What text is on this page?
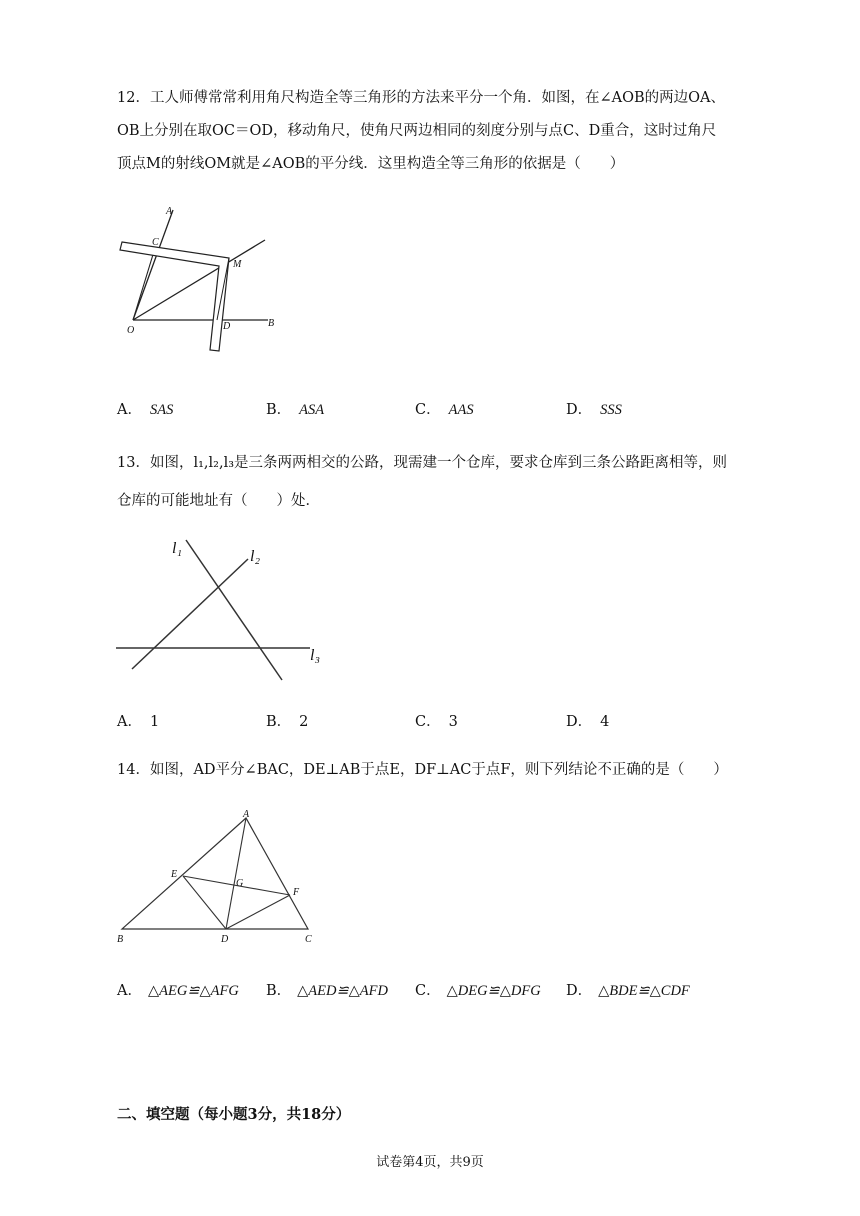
12．工人师傅常常利用角尺构造全等三角形的方法来平分一个角．如图，在∠AOB的两边OA、
OB上分别在取OC＝OD，移动角尺，使角尺两边相同的刻度分别与点C、D重合，这时过角尺
顶点M的射线OM就是∠AOB的平分线．这里构造全等三角形的依据是（　　）
A
C
M
O	D	B
A． SAS	B． ASA	C． AAS	D． SSS
13．如图，l₁,l₂,l₃是三条两两相交的公路，现需建一个仓库，要求仓库到三条公路距离相等，则
仓库的可能地址有（　　）处．
l₁	l₂
l₃
A． 1	B． 2	C． 3	D． 4
14．如图，AD平分∠BAC，DE⊥AB于点E，DF⊥AC于点F，则下列结论不正确的是（　　）
A
E
G
F
B	D	C
A． △AEG≌△AFG B． △AED≌△AFD C． △DEG≌△DFG D． △BDE≌△CDF
二、填空题（每小题3分，共18分）
试卷第4页，共9页
